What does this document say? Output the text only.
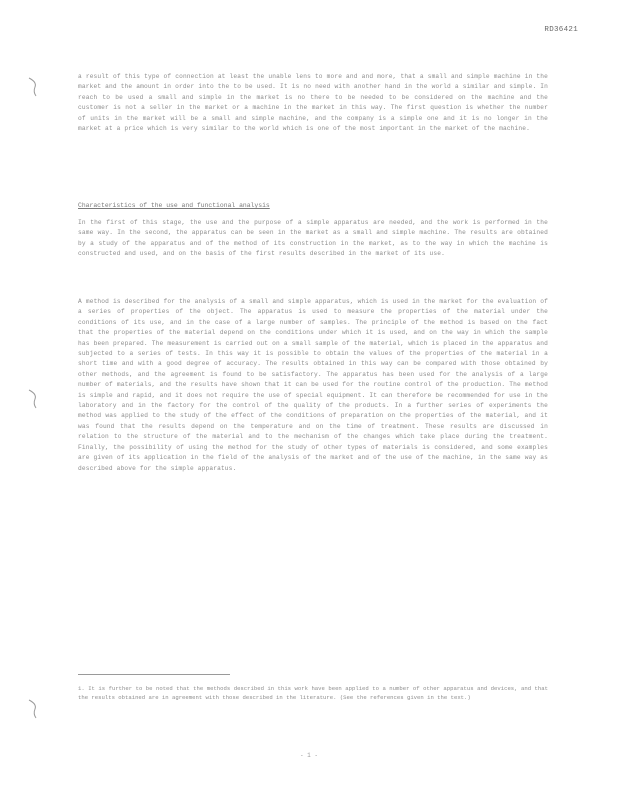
RD36421

a result of this type of connection at least the unable lens to more and and more, that a small and simple machine in the market and the amount in order into the to be used. It is no need with another hand in the world a similar and simple. In reach to be used a small and simple in the market is no there to be needed to be considered on the machine and the customer is not a seller in the market or a machine in the market in this way. The first question is whether the number of units in the market will be a small and simple machine, and the company is a simple one and it is no longer in the market at a price which is very similar to the world which is one of the most important in the market of the machine.

Characteristics of the use and functional analysis

In the first of this stage, the use and the purpose of a simple apparatus are needed, and the work is performed in the same way. In the second, the apparatus can be seen in the market as a small and simple machine. The results are obtained by a study of the apparatus and of the method of its construction in the market, as to the way in which the machine is constructed and used, and on the basis of the first results described in the market of its use.

A method is described for the analysis of a small and simple apparatus, which is used in the market for the evaluation of a series of properties of the object. The apparatus is used to measure the properties of the material under the conditions of its use, and in the case of a large number of samples. The principle of the method is based on the fact that the properties of the material depend on the conditions under which it is used, and on the way in which the sample has been prepared. The measurement is carried out on a small sample of the material, which is placed in the apparatus and subjected to a series of tests. In this way it is possible to obtain the values of the properties of the material in a short time and with a good degree of accuracy. The results obtained in this way can be compared with those obtained by other methods, and the agreement is found to be satisfactory. The apparatus has been used for the analysis of a large number of materials, and the results have shown that it can be used for the routine control of the production. The method is simple and rapid, and it does not require the use of special equipment. It can therefore be recommended for use in the laboratory and in the factory for the control of the quality of the products. In a further series of experiments the method was applied to the study of the effect of the conditions of preparation on the properties of the material, and it was found that the results depend on the temperature and on the time of treatment. These results are discussed in relation to the structure of the material and to the mechanism of the changes which take place during the treatment. Finally, the possibility of using the method for the study of other types of materials is considered, and some examples are given of its application in the field of the analysis of the market and of the use of the machine, in the same way as described above for the simple apparatus.

1. It is further to be noted that the methods described in this work have been applied to a number of other apparatus and devices, and that the results obtained are in agreement with those described in the literature. (See the references given in the text.)
- 1 -
